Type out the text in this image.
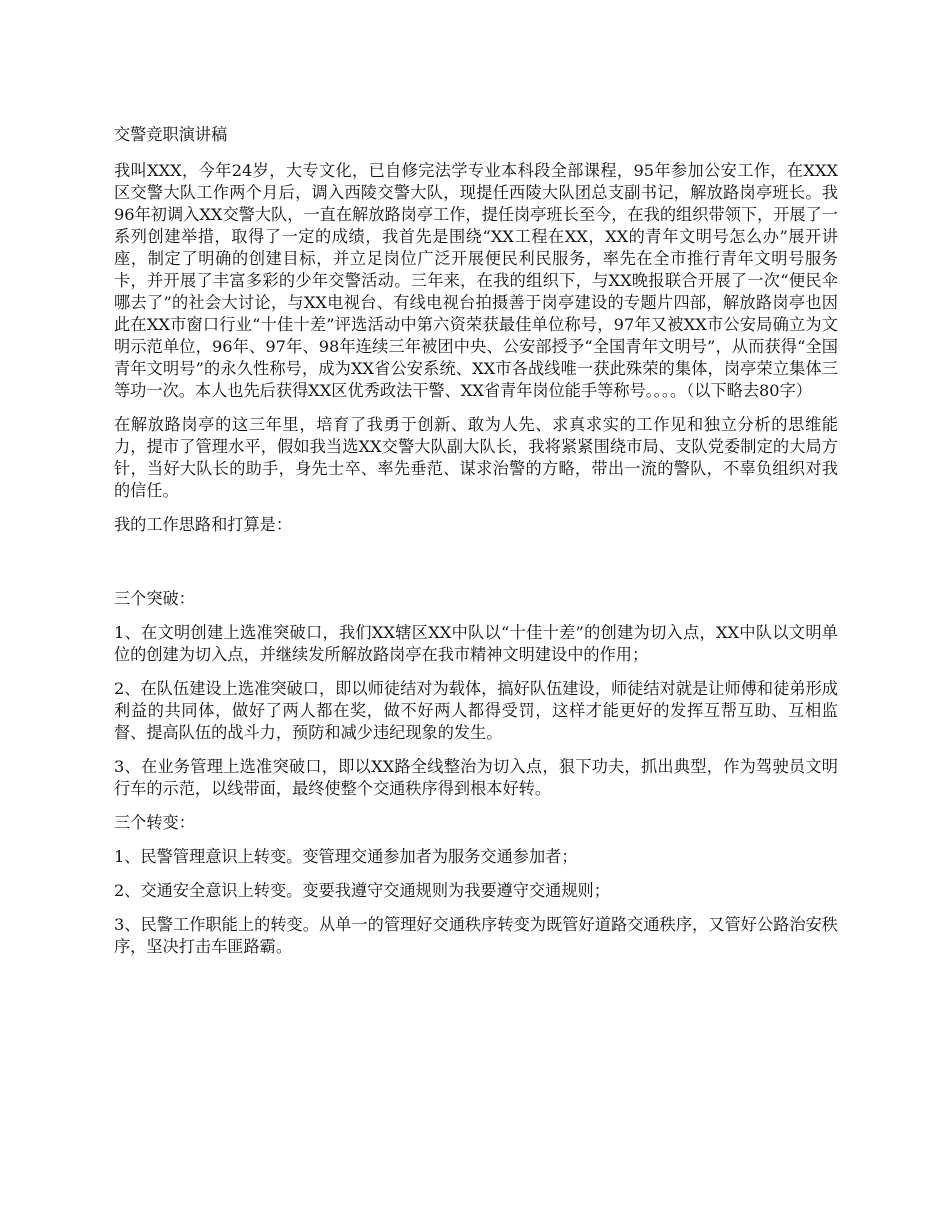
交警竞职演讲稿

我叫XXX，今年24岁，大专文化，已自修完法学专业本科段全部课程，95年参加公安工作，在XXX区交警大队工作两个月后，调入西陵交警大队，现提任西陵大队团总支副书记，解放路岗亭班长。我96年初调入XX交警大队，一直在解放路岗亭工作，提任岗亭班长至今，在我的组织带领下，开展了一系列创建举措，取得了一定的成绩，我首先是围绕“XX工程在XX，XX的青年文明号怎么办”展开讲座，制定了明确的创建目标，并立足岗位广泛开展便民利民服务，率先在全市推行青年文明号服务卡，并开展了丰富多彩的少年交警活动。三年来，在我的组织下，与XX晚报联合开展了一次“便民伞哪去了”的社会大讨论，与XX电视台、有线电视台拍摄善于岗亭建设的专题片四部，解放路岗亭也因此在XX市窗口行业“十佳十差”评选活动中第六资荣获最佳单位称号，97年又被XX市公安局确立为文明示范单位，96年、97年、98年连续三年被团中央、公安部授予“全国青年文明号”，从而获得“全国青年文明号”的永久性称号，成为XX省公安系统、XX市各战线唯一获此殊荣的集体，岗亭荣立集体三等功一次。本人也先后获得XX区优秀政法干警、XX省青年岗位能手等称号。。。。（以下略去80字）

在解放路岗亭的这三年里，培育了我勇于创新、敢为人先、求真求实的工作见和独立分析的思维能力，提市了管理水平，假如我当选XX交警大队副大队长，我将紧紧围绕市局、支队党委制定的大局方针，当好大队长的助手，身先士卒、率先垂范、谋求治警的方略，带出一流的警队，不辜负组织对我的信任。

我的工作思路和打算是：

三个突破：

1、在文明创建上选准突破口，我们XX辖区XX中队以“十佳十差”的创建为切入点，XX中队以文明单位的创建为切入点，并继续发所解放路岗亭在我市精神文明建设中的作用；

2、在队伍建设上选准突破口，即以师徒结对为载体，搞好队伍建设，师徒结对就是让师傅和徒弟形成利益的共同体，做好了两人都在奖，做不好两人都得受罚，这样才能更好的发挥互帮互助、互相监督、提高队伍的战斗力，预防和减少违纪现象的发生。

3、在业务管理上选准突破口，即以XX路全线整治为切入点，狠下功夫，抓出典型，作为驾驶员文明行车的示范，以线带面，最终使整个交通秩序得到根本好转。

三个转变：

1、民警管理意识上转变。变管理交通参加者为服务交通参加者；

2、交通安全意识上转变。变要我遵守交通规则为我要遵守交通规则；

3、民警工作职能上的转变。从单一的管理好交通秩序转变为既管好道路交通秩序，又管好公路治安秩序，坚决打击车匪路霸。
